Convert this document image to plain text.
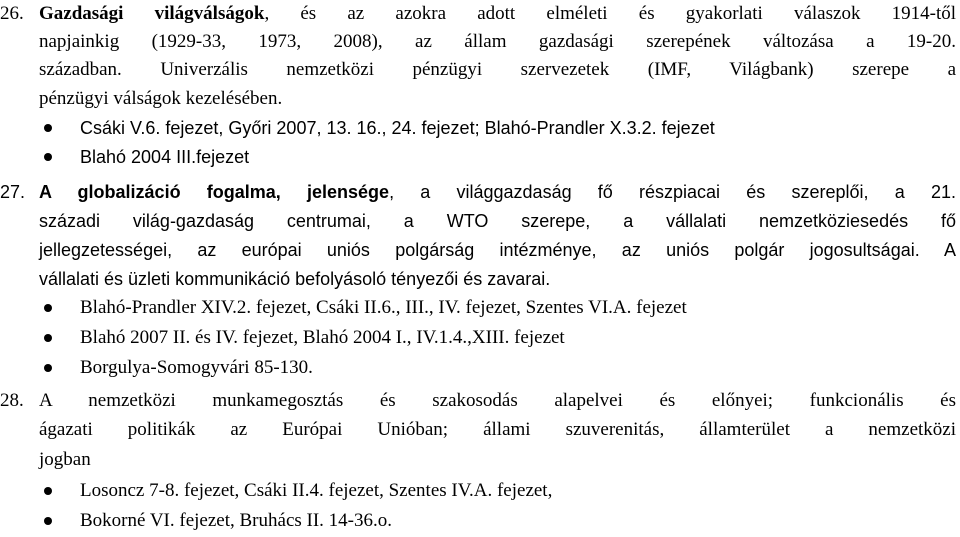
26. Gazdasági világválságok, és az azokra adott elméleti és gyakorlati válaszok 1914-től
napjainkig (1929-33, 1973, 2008), az állam gazdasági szerepének változása a 19-20.
században. Univerzális nemzetközi pénzügyi szervezetek (IMF, Világbank) szerepe a
pénzügyi válságok kezelésében.
Csáki V.6. fejezet, Győri 2007, 13. 16., 24. fejezet; Blahó-Prandler X.3.2. fejezet
Blahó 2004 III.fejezet
27. A globalizáció fogalma, jelensége, a világgazdaság fő részpiacai és szereplői, a 21.
századi világ-gazdaság centrumai, a WTO szerepe, a vállalati nemzetköziesedés fő
jellegzetességei, az európai uniós polgárság intézménye, az uniós polgár jogosultságai. A
vállalati és üzleti kommunikáció befolyásoló tényezői és zavarai.
Blahó-Prandler XIV.2. fejezet, Csáki II.6., III., IV. fejezet, Szentes VI.A. fejezet
Blahó 2007 II. és IV. fejezet, Blahó 2004 I., IV.1.4.,XIII. fejezet
Borgulya-Somogyvári 85-130.
28. A nemzetközi munkamegosztás és szakosodás alapelvei és előnyei; funkcionális és
ágazati politikák az Európai Unióban; állami szuverenitás, államterület a nemzetközi
jogban
Losoncz 7-8. fejezet, Csáki II.4. fejezet, Szentes IV.A. fejezet,
Bokorné VI. fejezet, Bruhács II. 14-36.o.
